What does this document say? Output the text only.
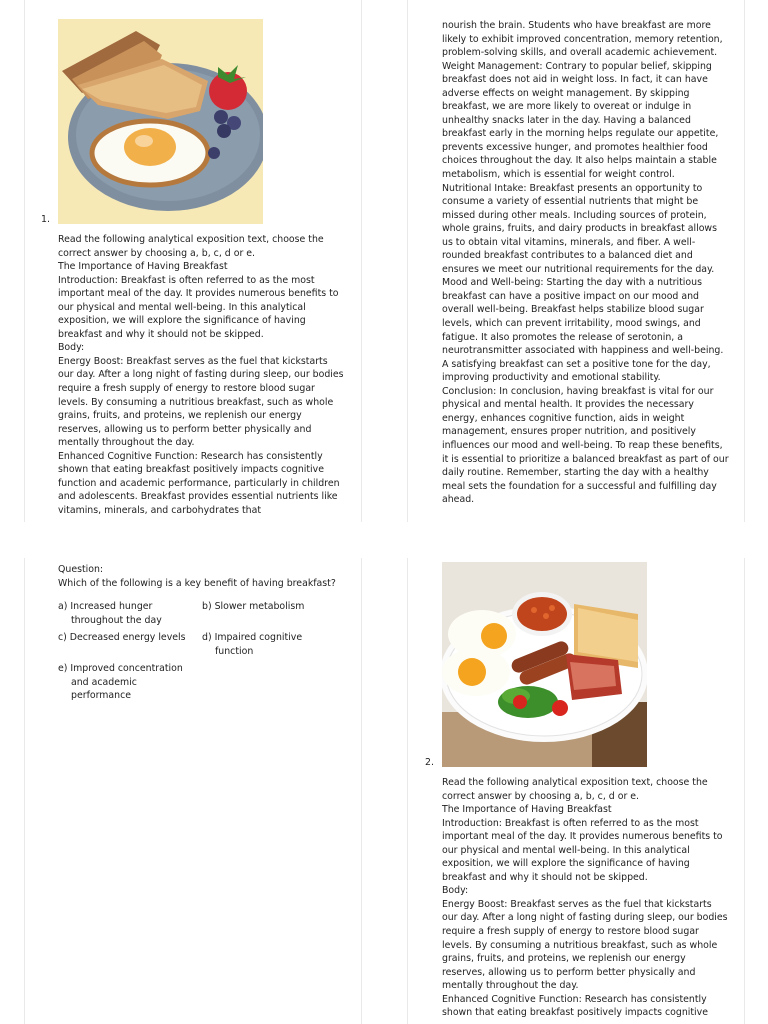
1.

Read the following analytical exposition text, choose the correct answer by choosing a, b, c, d or e.

The Importance of Having Breakfast

Introduction: Breakfast is often referred to as the most important meal of the day. It provides numerous benefits to our physical and mental well-being. In this analytical exposition, we will explore the significance of having breakfast and why it should not be skipped.

Body:

Energy Boost: Breakfast serves as the fuel that kickstarts our day. After a long night of fasting during sleep, our bodies require a fresh supply of energy to restore blood sugar levels. By consuming a nutritious breakfast, such as whole grains, fruits, and proteins, we replenish our energy reserves, allowing us to perform better physically and mentally throughout the day.

Enhanced Cognitive Function: Research has consistently shown that eating breakfast positively impacts cognitive function and academic performance, particularly in children and adolescents. Breakfast provides essential nutrients like vitamins, minerals, and carbohydrates that

nourish the brain. Students who have breakfast are more likely to exhibit improved concentration, memory retention, problem-solving skills, and overall academic achievement.

Weight Management: Contrary to popular belief, skipping breakfast does not aid in weight loss. In fact, it can have adverse effects on weight management. By skipping breakfast, we are more likely to overeat or indulge in unhealthy snacks later in the day. Having a balanced breakfast early in the morning helps regulate our appetite, prevents excessive hunger, and promotes healthier food choices throughout the day. It also helps maintain a stable metabolism, which is essential for weight control.

Nutritional Intake: Breakfast presents an opportunity to consume a variety of essential nutrients that might be missed during other meals. Including sources of protein, whole grains, fruits, and dairy products in breakfast allows us to obtain vital vitamins, minerals, and fiber. A well-rounded breakfast contributes to a balanced diet and ensures we meet our nutritional requirements for the day.

Mood and Well-being: Starting the day with a nutritious breakfast can have a positive impact on our mood and overall well-being. Breakfast helps stabilize blood sugar levels, which can prevent irritability, mood swings, and fatigue. It also promotes the release of serotonin, a neurotransmitter associated with happiness and well-being. A satisfying breakfast can set a positive tone for the day, improving productivity and emotional stability.

Conclusion: In conclusion, having breakfast is vital for our physical and mental health. It provides the necessary energy, enhances cognitive function, aids in weight management, ensures proper nutrition, and positively influences our mood and well-being. To reap these benefits, it is essential to prioritize a balanced breakfast as part of our daily routine. Remember, starting the day with a healthy meal sets the foundation for a successful and fulfilling day ahead.

Question:

Which of the following is a key benefit of having breakfast?

a) Increased hunger throughout the day
b) Slower metabolism
c) Decreased energy levels	d) Impaired cognitive function
e) Improved concentration and academic performance
2.

Read the following analytical exposition text, choose the correct answer by choosing a, b, c, d or e.

The Importance of Having Breakfast

Introduction: Breakfast is often referred to as the most important meal of the day. It provides numerous benefits to our physical and mental well-being. In this analytical exposition, we will explore the significance of having breakfast and why it should not be skipped.

Body:

Energy Boost: Breakfast serves as the fuel that kickstarts our day. After a long night of fasting during sleep, our bodies require a fresh supply of energy to restore blood sugar levels. By consuming a nutritious breakfast, such as whole grains, fruits, and proteins, we replenish our energy reserves, allowing us to perform better physically and mentally throughout the day.

Enhanced Cognitive Function: Research has consistently shown that eating breakfast positively impacts cognitive
